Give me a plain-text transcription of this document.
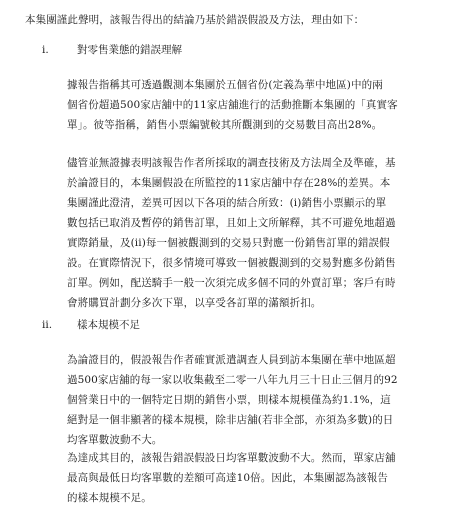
本集團謹此聲明，該報告得出的結論乃基於錯誤假設及方法，理由如下：
i.	對零售業態的錯誤理解
據報告指稱其可透過觀測本集團於五個省份(定義為華中地區)中的兩
個省份超過500家店舖中的11家店舖進行的活動推斷本集團的「真實客
單」。彼等指稱，銷售小票編號較其所觀測到的交易數目高出28%。
儘管並無證據表明該報告作者所採取的調查技術及方法周全及準確，基
於論證目的，本集團假設在所監控的11家店舖中存在28%的差異。本
集團謹此澄清，差異可因以下各項的結合所致：(i)銷售小票顯示的單
數包括已取消及暫停的銷售訂單，且如上文所解釋，其不可避免地超過
實際銷量，及(ii)每一個被觀測到的交易只對應一份銷售訂單的錯誤假
設。在實際情況下，很多情境可導致一個被觀測到的交易對應多份銷售
訂單。例如，配送騎手一般一次須完成多個不同的外賣訂單；客戶有時
會將購買計劃分多次下單，以享受各訂單的滿額折扣。
ii. 樣本規模不足
為論證目的，假設報告作者確實派遣調查人員到訪本集團在華中地區超
過500家店舖的每一家以收集截至二零一八年九月三十日止三個月的92
個營業日中的一個特定日期的銷售小票，則樣本規模僅為約1.1%，這
絕對是一個非顯著的樣本規模，除非店舖(若非全部，亦須為多數)的日
均客單數波動不大。
為達成其目的，該報告錯誤假設日均客單數波動不大。然而，單家店舖
最高與最低日均客單數的差額可高達10倍。因此，本集團認為該報告
的樣本規模不足。
